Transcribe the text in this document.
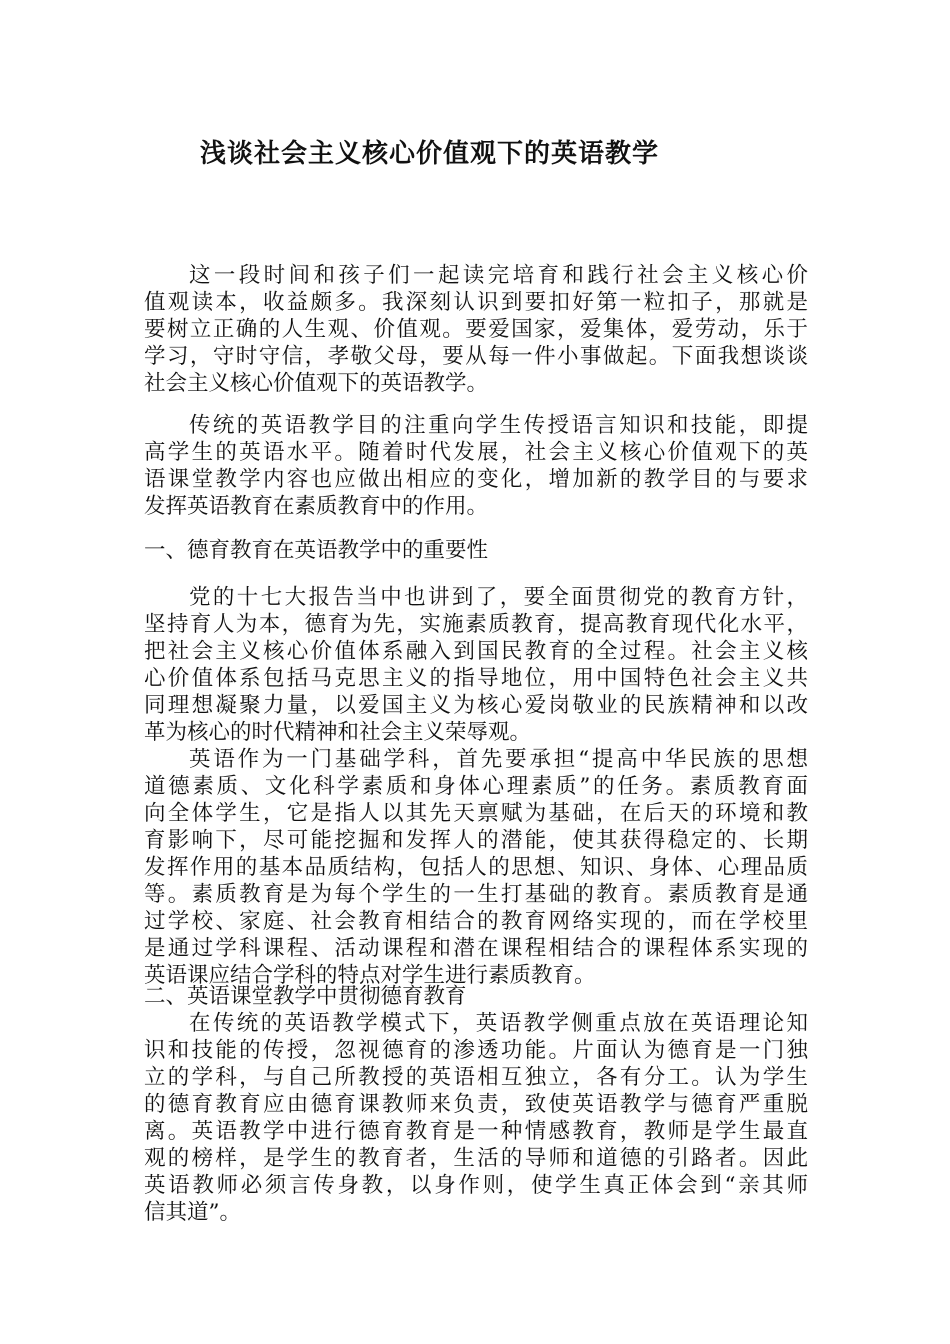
浅谈社会主义核心价值观下的英语教学
这一段时间和孩子们一起读完培育和践行社会主义核心价
值观读本，收益颇多。我深刻认识到要扣好第一粒扣子，那就是
要树立正确的人生观、价值观。要爱国家，爱集体，爱劳动，乐于
学习，守时守信，孝敬父母，要从每一件小事做起。下面我想谈谈
社会主义核心价值观下的英语教学。
传统的英语教学目的注重向学生传授语言知识和技能，即提
高学生的英语水平。随着时代发展，社会主义核心价值观下的英
语课堂教学内容也应做出相应的变化，增加新的教学目的与要求
发挥英语教育在素质教育中的作用。
一、德育教育在英语教学中的重要性
党的十七大报告当中也讲到了，要全面贯彻党的教育方针，
坚持育人为本，德育为先，实施素质教育，提高教育现代化水平，
把社会主义核心价值体系融入到国民教育的全过程。社会主义核
心价值体系包括马克思主义的指导地位，用中国特色社会主义共
同理想凝聚力量，以爱国主义为核心爱岗敬业的民族精神和以改
革为核心的时代精神和社会主义荣辱观。
英语作为一门基础学科，首先要承担“提高中华民族的思想
道德素质、文化科学素质和身体心理素质”的任务。素质教育面
向全体学生，它是指人以其先天禀赋为基础，在后天的环境和教
育影响下，尽可能挖掘和发挥人的潜能，使其获得稳定的、长期
发挥作用的基本品质结构，包括人的思想、知识、身体、心理品质
等。素质教育是为每个学生的一生打基础的教育。素质教育是通
过学校、家庭、社会教育相结合的教育网络实现的，而在学校里
是通过学科课程、活动课程和潜在课程相结合的课程体系实现的
英语课应结合学科的特点对学生进行素质教育。
二、英语课堂教学中贯彻德育教育
在传统的英语教学模式下，英语教学侧重点放在英语理论知
识和技能的传授，忽视德育的渗透功能。片面认为德育是一门独
立的学科，与自己所教授的英语相互独立，各有分工。认为学生
的德育教育应由德育课教师来负责，致使英语教学与德育严重脱
离。英语教学中进行德育教育是一种情感教育，教师是学生最直
观的榜样，是学生的教育者，生活的导师和道德的引路者。因此
英语教师必须言传身教，以身作则，使学生真正体会到“亲其师
信其道”。
